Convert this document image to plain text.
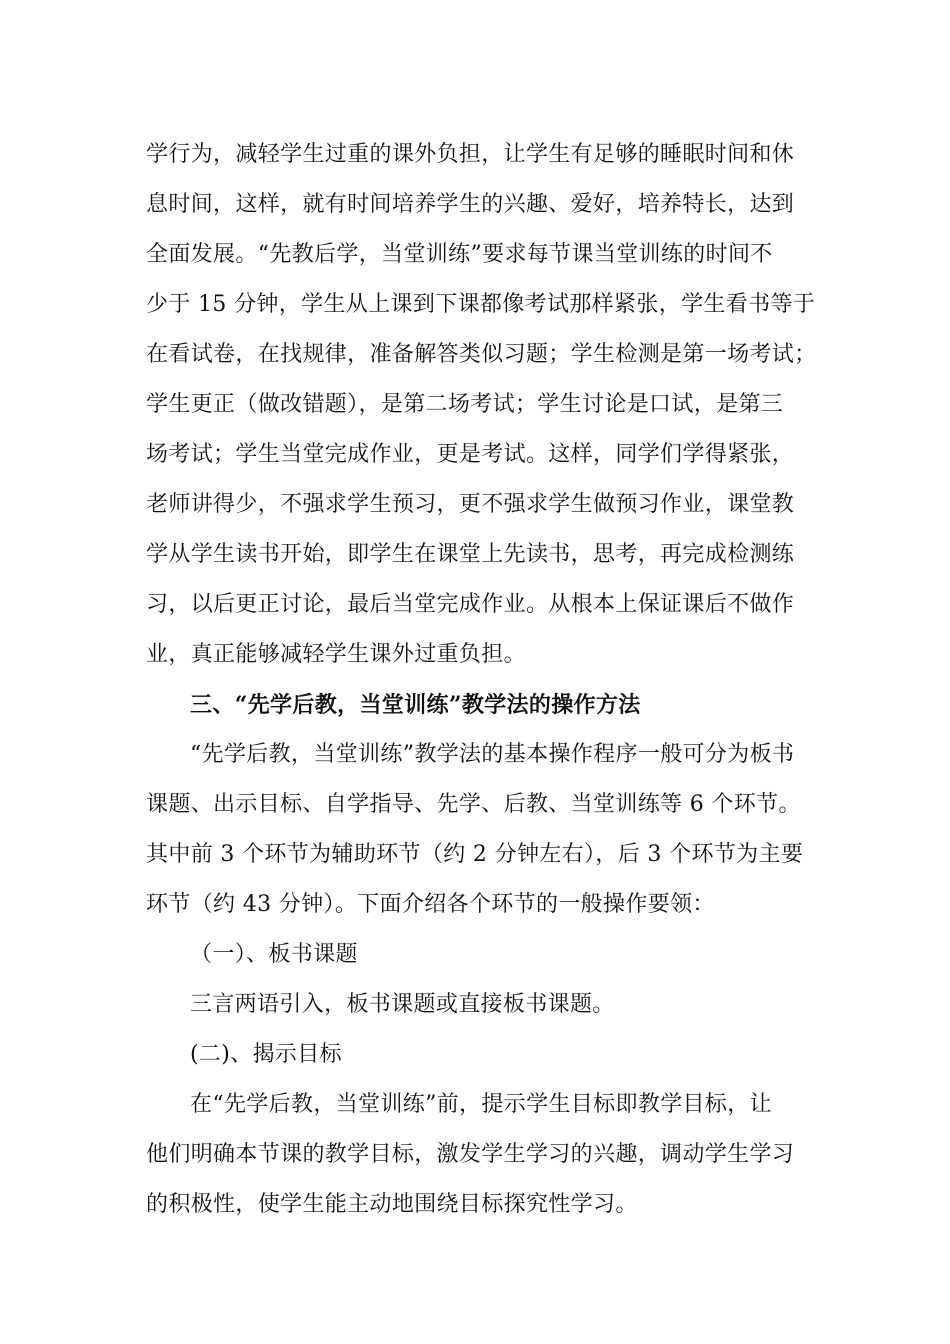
学行为，减轻学生过重的课外负担，让学生有足够的睡眠时间和休
息时间，这样，就有时间培养学生的兴趣、爱好，培养特长，达到
全面发展。“先教后学，当堂训练”要求每节课当堂训练的时间不
少于 15 分钟，学生从上课到下课都像考试那样紧张，学生看书等于
在看试卷，在找规律，准备解答类似习题；学生检测是第一场考试；
学生更正（做改错题），是第二场考试；学生讨论是口试，是第三
场考试；学生当堂完成作业，更是考试。这样，同学们学得紧张，
老师讲得少，不强求学生预习，更不强求学生做预习作业，课堂教
学从学生读书开始，即学生在课堂上先读书，思考，再完成检测练
习，以后更正讨论，最后当堂完成作业。从根本上保证课后不做作
业，真正能够减轻学生课外过重负担。
三、“先学后教，当堂训练”教学法的操作方法
“先学后教，当堂训练”教学法的基本操作程序一般可分为板书
课题、出示目标、自学指导、先学、后教、当堂训练等 6 个环节。
其中前 3 个环节为辅助环节（约 2 分钟左右），后 3 个环节为主要
环节（约 43 分钟）。下面介绍各个环节的一般操作要领：
（一）、板书课题
三言两语引入，板书课题或直接板书课题。
(二)、揭示目标
在“先学后教，当堂训练”前，提示学生目标即教学目标，让
他们明确本节课的教学目标，激发学生学习的兴趣，调动学生学习
的积极性，使学生能主动地围绕目标探究性学习。
